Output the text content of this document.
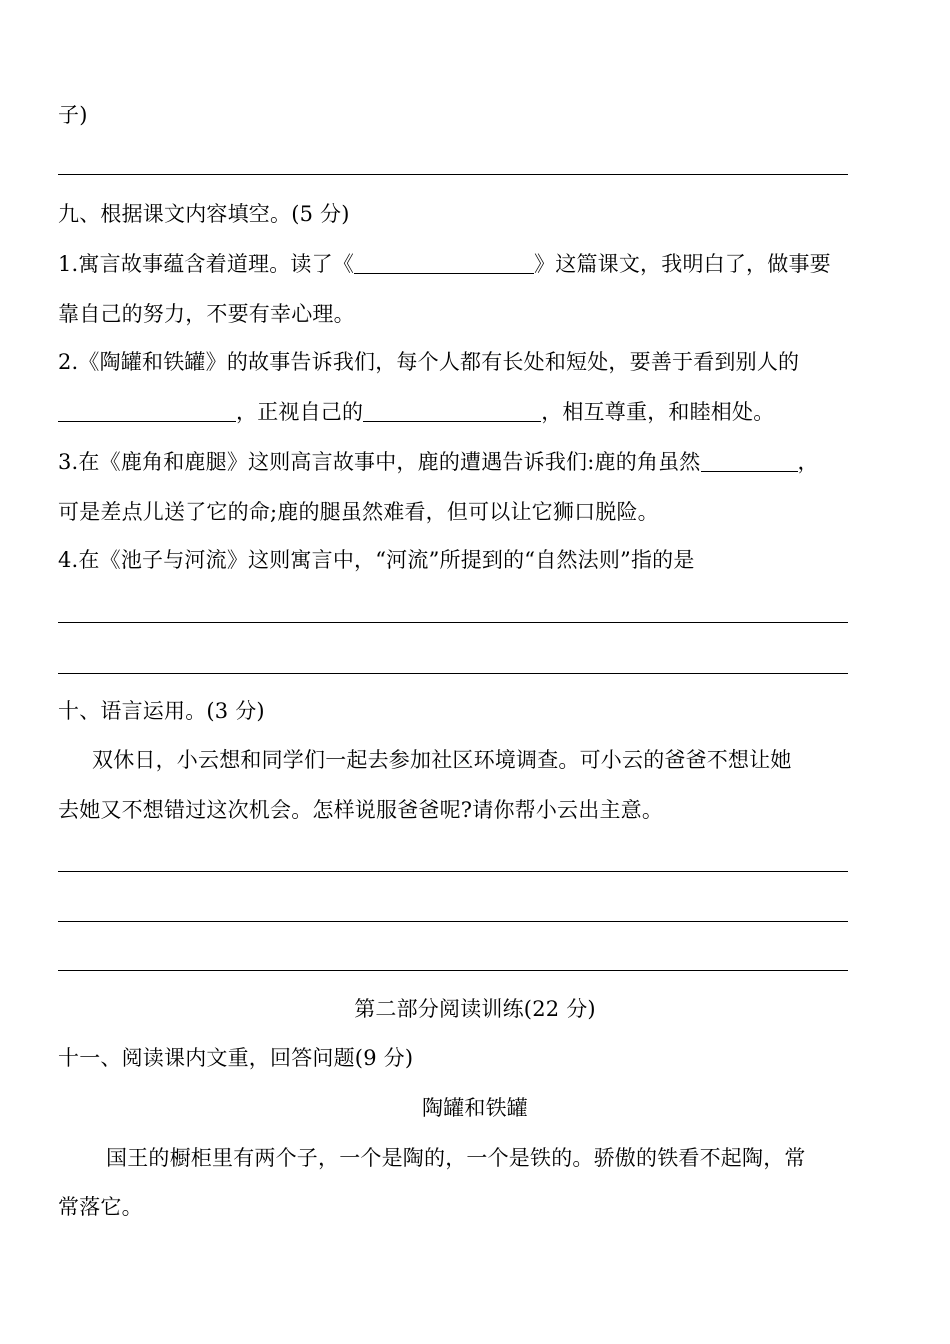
子)
九、根据课文内容填空。(5 分)
1.寓言故事蕴含着道理。读了《	》这篇课文，我明白了，做事要
靠自己的努力，不要有幸心理。
2.《陶罐和铁罐》的故事告诉我们，每个人都有长处和短处，要善于看到别人的
，正视自己的	，相互尊重，和睦相处。
3.在《鹿角和鹿腿》这则高言故事中，鹿的遭遇告诉我们:鹿的角虽然	，
可是差点儿送了它的命;鹿的腿虽然难看，但可以让它狮口脱险。
4.在《池子与河流》这则寓言中，“河流”所提到的“自然法则”指的是
十、语言运用。(3 分)
双休日，小云想和同学们一起去参加社区环境调查。可小云的爸爸不想让她
去她又不想错过这次机会。怎样说服爸爸呢?请你帮小云出主意。
第二部分阅读训练(22 分)
十一、阅读课内文重，回答问题(9 分)
陶罐和铁罐
国王的橱柜里有两个子，一个是陶的，一个是铁的。骄傲的铁看不起陶，常
常落它。
